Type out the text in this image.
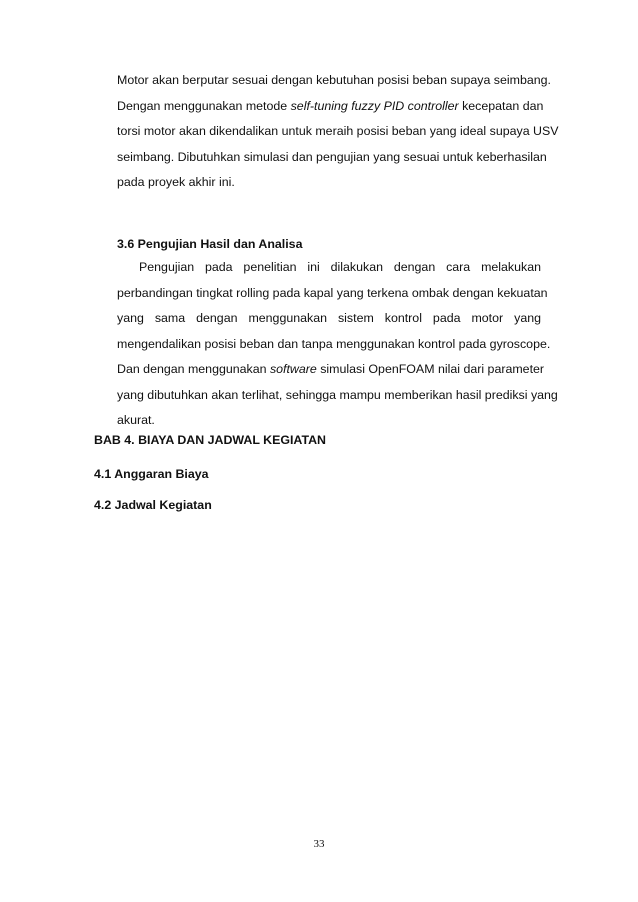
Motor akan berputar sesuai dengan kebutuhan posisi beban supaya seimbang.
Dengan menggunakan metode self-tuning fuzzy PID controller kecepatan dan
torsi motor akan dikendalikan untuk meraih posisi beban yang ideal supaya USV
seimbang. Dibutuhkan simulasi dan pengujian yang sesuai untuk keberhasilan
pada proyek akhir ini.
3.6 Pengujian Hasil dan Analisa
Pengujian pada penelitian ini dilakukan dengan cara melakukan
perbandingan tingkat rolling pada kapal yang terkena ombak dengan kekuatan
yang sama dengan menggunakan sistem kontrol pada motor yang
mengendalikan posisi beban dan tanpa menggunakan kontrol pada gyroscope.
Dan dengan menggunakan software simulasi OpenFOAM nilai dari parameter
yang dibutuhkan akan terlihat, sehingga mampu memberikan hasil prediksi yang
akurat.
BAB 4. BIAYA DAN JADWAL KEGIATAN
4.1 Anggaran Biaya
4.2 Jadwal Kegiatan
33
